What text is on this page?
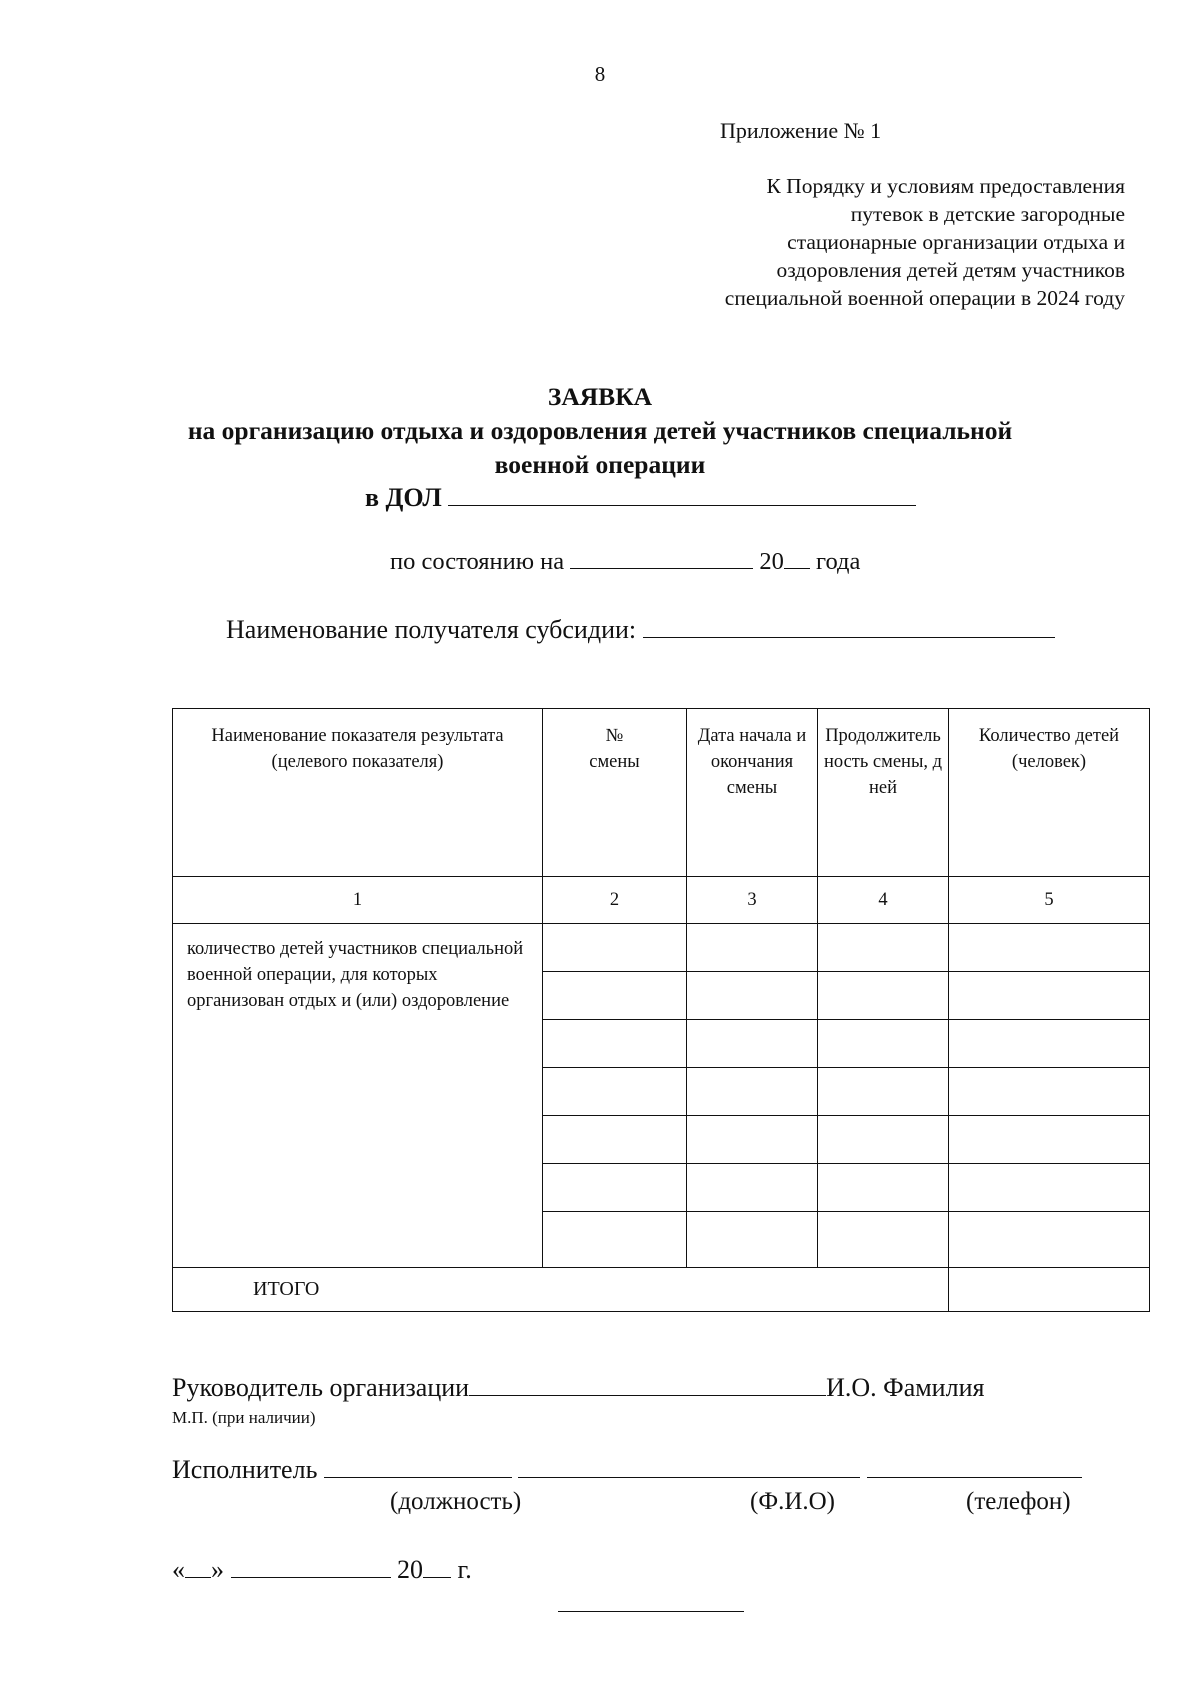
8
Приложение № 1
К Порядку и условиям предоставления
путевок в детские загородные
стационарные организации отдыха и
оздоровления детей детям участников
специальной военной операции в 2024 году
ЗАЯВКА
на организацию отдыха и оздоровления детей участников специальной
военной операции
в ДОЛ
по состоянию на	20 года
Наименование получателя субсидии:
Наименование показателя результата (целевого показателя)	№ смены	Дата начала и окончания смены	Продолжительность смены, дней	Количество детей (человек)
1	2	3	4	5
количество детей участников специальной военной операции, для которых организован отдых и (или) оздоровление				

ИТОГО				
Руководитель организации	И.О. Фамилия
М.П. (при наличии)
Исполнитель
(должность)	(Ф.И.О)	(телефон)
« »	20 г.
